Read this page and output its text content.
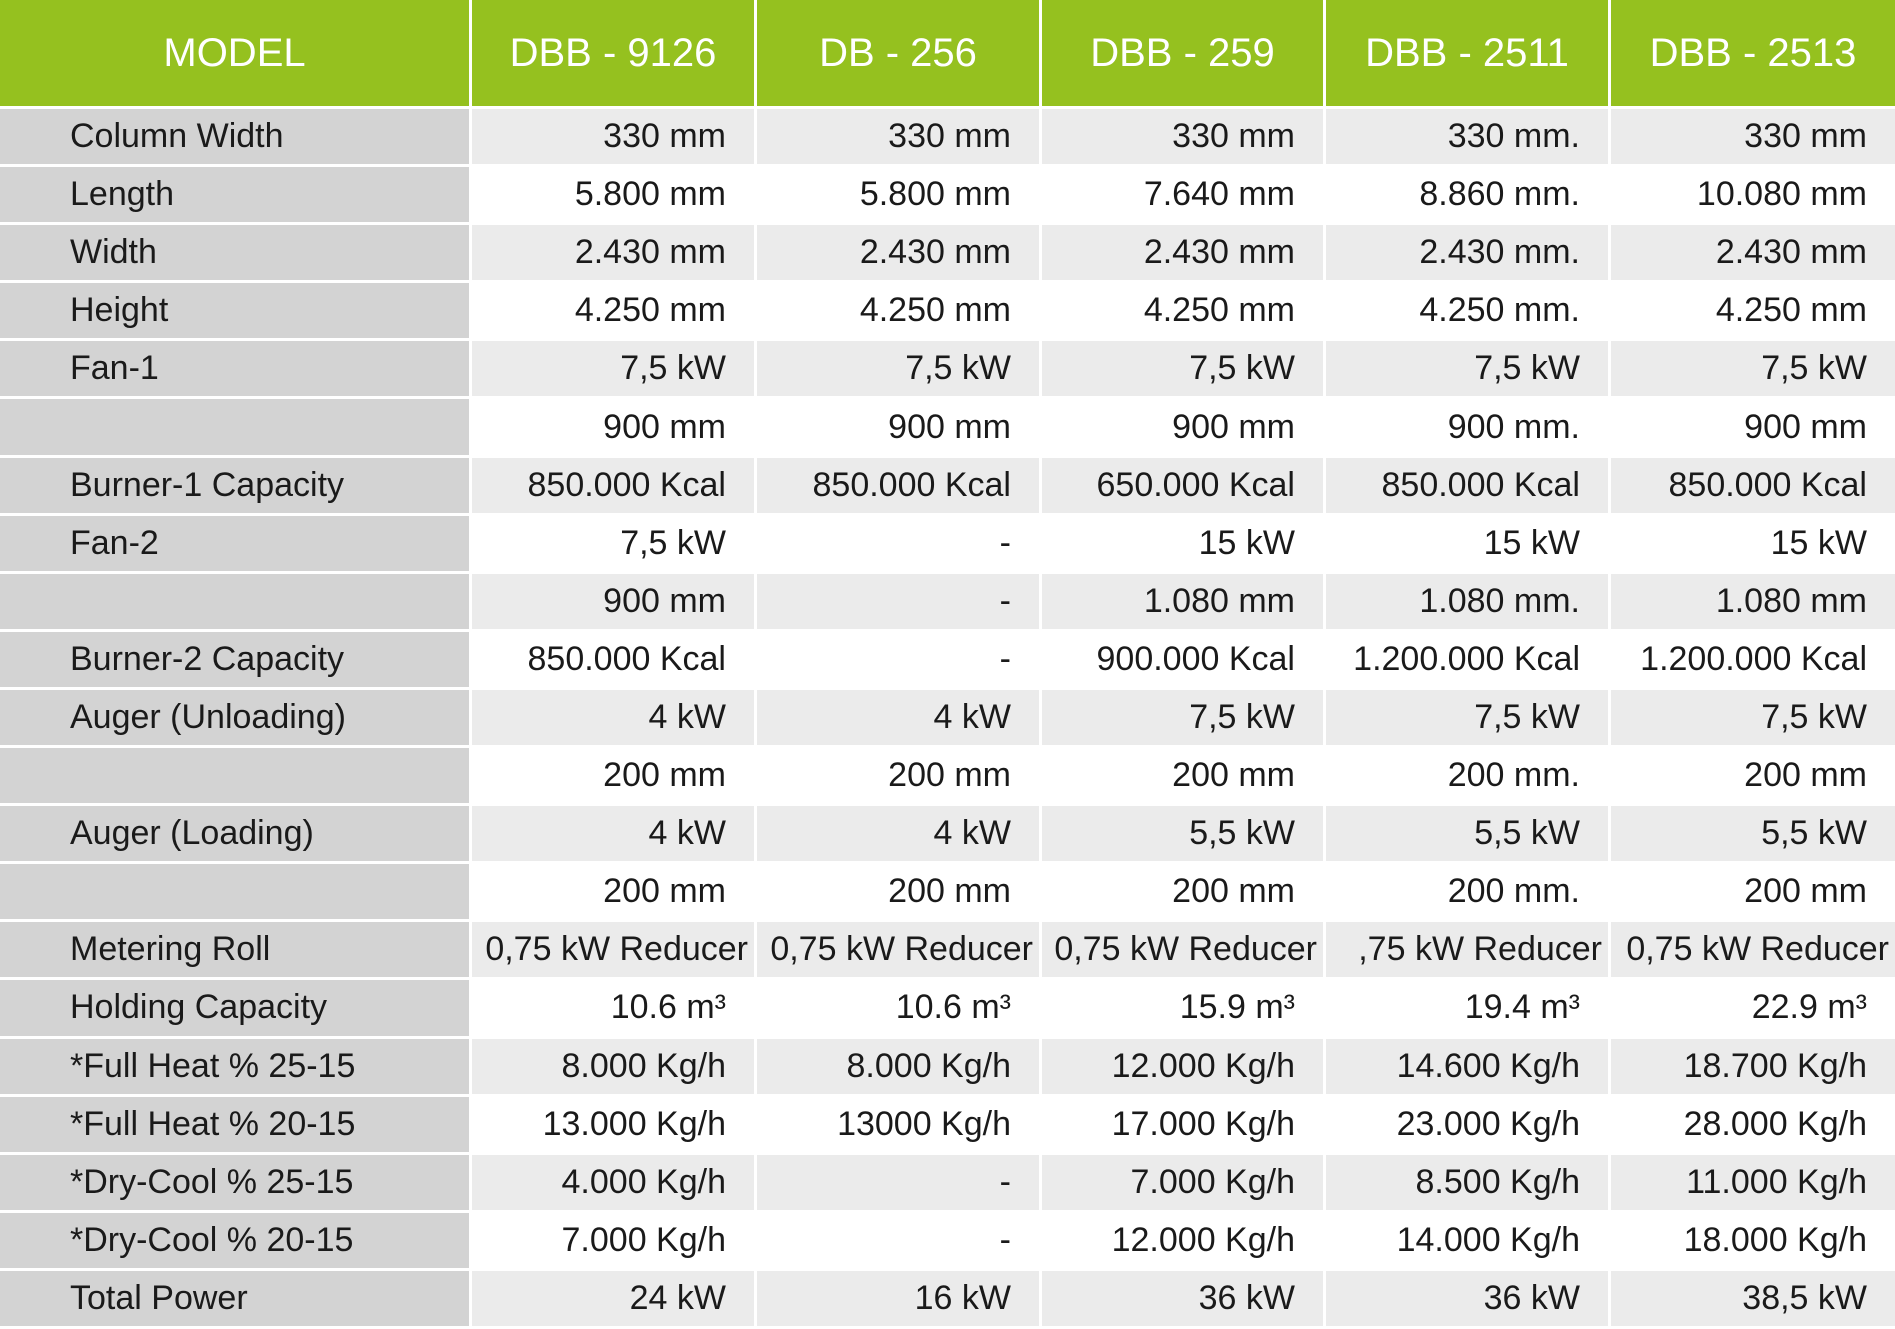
MODEL	DBB - 9126	DB - 256	DBB - 259	DBB - 2511	DBB - 2513
Column Width	330 mm	330 mm	330 mm	330 mm.	330 mm
Length	5.800 mm	5.800 mm	7.640 mm	8.860 mm.	10.080 mm
Width	2.430 mm	2.430 mm	2.430 mm	2.430 mm.	2.430 mm
Height	4.250 mm	4.250 mm	4.250 mm	4.250 mm.	4.250 mm
Fan-1	7,5 kW	7,5 kW	7,5 kW	7,5 kW	7,5 kW
	900 mm	900 mm	900 mm	900 mm.	900 mm
Burner-1 Capacity	850.000 Kcal	850.000 Kcal	650.000 Kcal	850.000 Kcal	850.000 Kcal
Fan-2	7,5 kW	-	15 kW	15 kW	15 kW
	900 mm	-	1.080 mm	1.080 mm.	1.080 mm
Burner-2 Capacity	850.000 Kcal	-	900.000 Kcal	1.200.000 Kcal	1.200.000 Kcal
Auger (Unloading)	4 kW	4 kW	7,5 kW	7,5 kW	7,5 kW
	200 mm	200 mm	200 mm	200 mm.	200 mm
Auger (Loading)	4 kW	4 kW	5,5 kW	5,5 kW	5,5 kW
	200 mm	200 mm	200 mm	200 mm.	200 mm
Metering Roll	0,75 kW Reducer	0,75 kW Reducer	0,75 kW Reducer	,75 kW Reducer	0,75 kW Reducer
Holding Capacity	10.6 m³	10.6 m³	15.9 m³	19.4 m³	22.9 m³
*Full Heat % 25-15	8.000 Kg/h	8.000 Kg/h	12.000 Kg/h	14.600 Kg/h	18.700 Kg/h
*Full Heat % 20-15	13.000 Kg/h	13000 Kg/h	17.000 Kg/h	23.000 Kg/h	28.000 Kg/h
*Dry-Cool % 25-15	4.000 Kg/h	-	7.000 Kg/h	8.500 Kg/h	11.000 Kg/h
*Dry-Cool % 20-15	7.000 Kg/h	-	12.000 Kg/h	14.000 Kg/h	18.000 Kg/h
Total Power	24 kW	16 kW	36 kW	36 kW	38,5 kW
